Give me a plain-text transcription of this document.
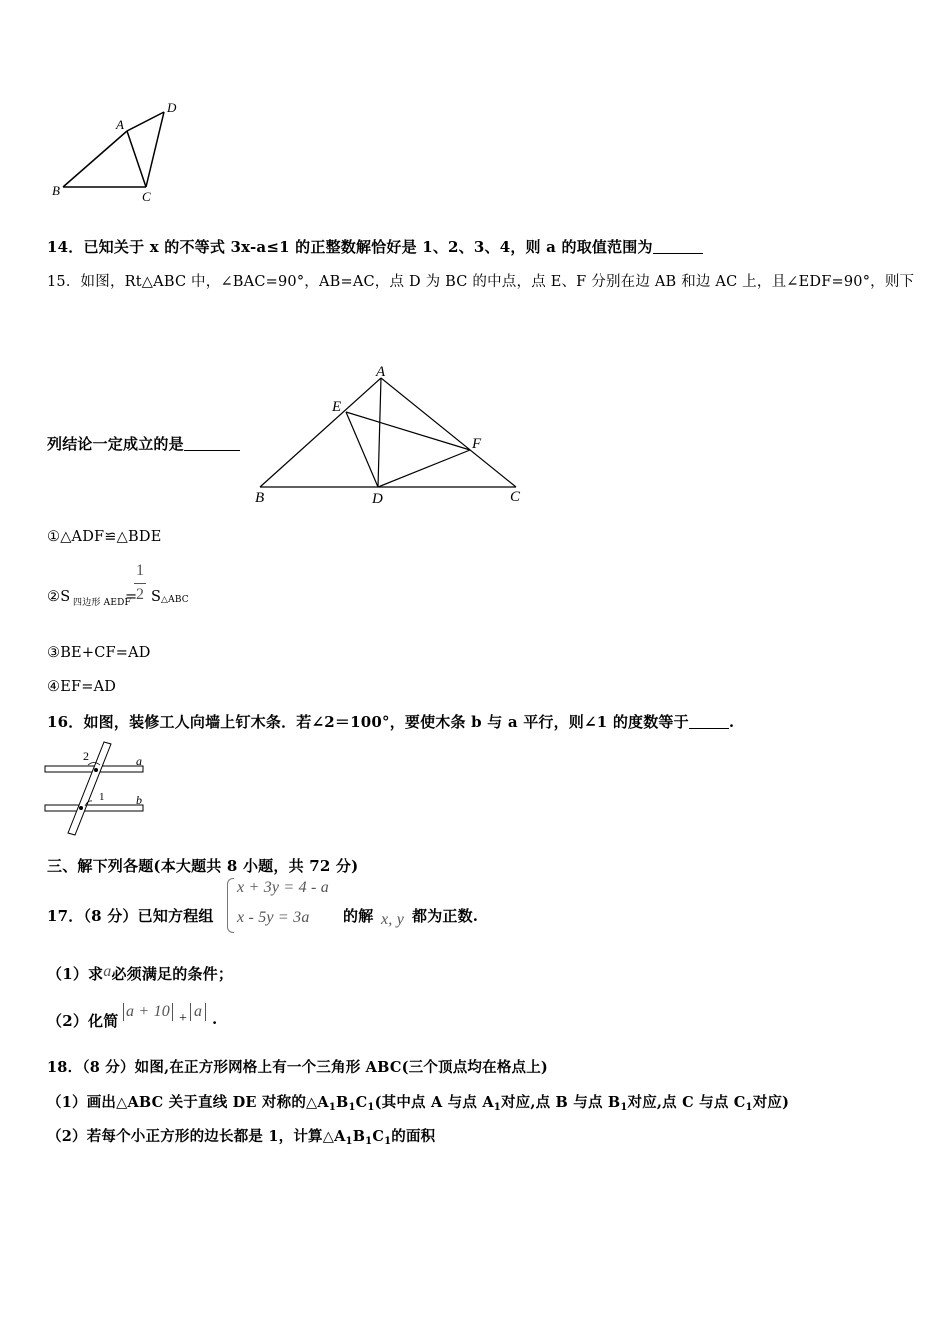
A
B	C
D
14．已知关于 x 的不等式 3x-a≤1 的正整数解恰好是 1、2、3、4，则 a 的取值范围为
15．如图，Rt△ABC 中，∠BAC=90°，AB=AC，点 D 为 BC 的中点，点 E、F 分别在边 AB 和边 AC 上，且∠EDF=90°，则下
A
E
F
B	D	C
列结论一定成立的是
①△ADF≌△BDE
②S 四边形 AEDF
=
1
2 S △ABC
③BE+CF=AD
④EF=AD
16．如图，装修工人向墙上钉木条．若∠2＝100°，要使木条 b 与 a 平行，则∠1 的度数等于	.
2	a
1	b
三、解下列各题(本大题共 8 小题，共 72 分)
17．（8 分）已知方程组
x + 3y = 4 - a
x - 5y = 3a 的解 x, y 都为正数.
（1）求a必须满足的条件；
（2）化简
a + 10 + a .
18．（8 分）如图,在正方形网格上有一个三角形 ABC(三个顶点均在格点上)
（1）画出△ABC 关于直线 DE 对称的$\triangle A_1B_1C_1$(其中点 A 与点 $A_1$对应,点 B 与点 $B_1$对应,点 C 与点 $C_1$对应)
（2）若每个小正方形的边长都是 1，计算$\triangle A_1B_1C_1$的面积
